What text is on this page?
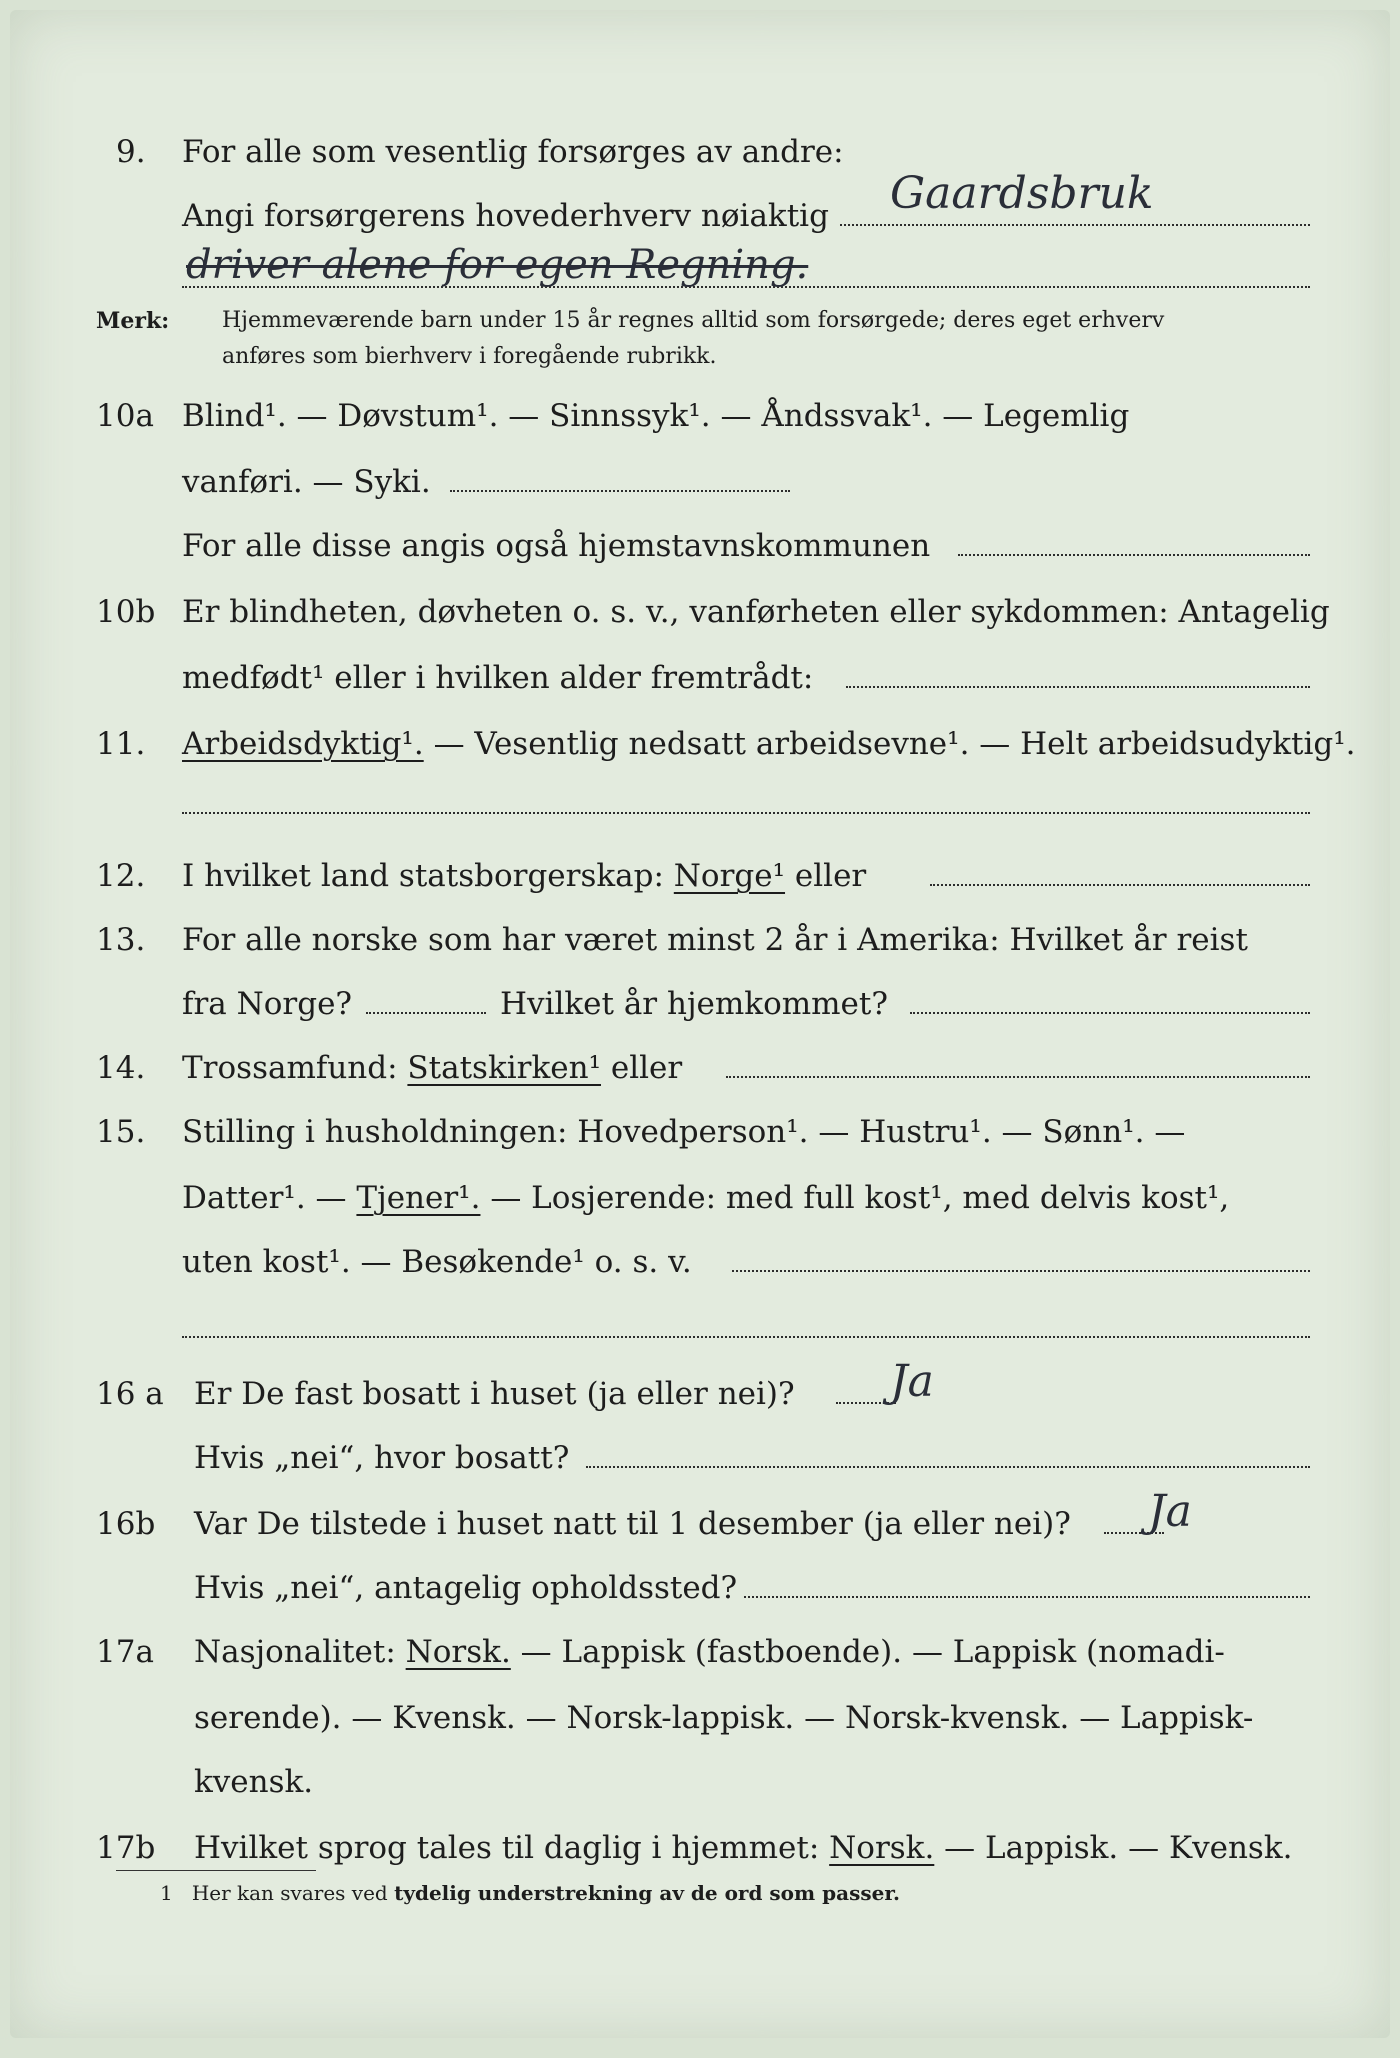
9. For alle som vesentlig forsørges av andre:
Angi forsørgerens hovederhverv nøiaktig Gaardsbruk
driver alene for egen Regning.
Merk: Hjemmeværende barn under 15 år regnes alltid som forsørgede; deres eget erhverv
anføres som bierhverv i foregående rubrikk.
10a Blind¹. — Døvstum¹. — Sinnssyk¹. — Åndssvak¹. — Legemlig
vanføri. — Syki.
For alle disse angis også hjemstavnskommunen
10b Er blindheten, døvheten o. s. v., vanførheten eller sykdommen: Antagelig
medfødt¹ eller i hvilken alder fremtrådt:
11. Arbeidsdyktig¹. — Vesentlig nedsatt arbeidsevne¹. — Helt arbeidsudyktig¹.
12. I hvilket land statsborgerskap: Norge¹ eller
13. For alle norske som har været minst 2 år i Amerika: Hvilket år reist
fra Norge?	Hvilket år hjemkommet?
14. Trossamfund: Statskirken¹ eller
15. Stilling i husholdningen: Hovedperson¹. — Hustru¹. — Sønn¹. —
Datter¹. — Tjener¹. — Losjerende: med full kost¹, med delvis kost¹,
uten kost¹. — Besøkende¹ o. s. v.
16 a Er De fast bosatt i huset (ja eller nei)? Ja
Hvis „nei“, hvor bosatt?
16b Var De tilstede i huset natt til 1 desember (ja eller nei)? Ja
Hvis „nei“, antagelig opholdssted?
17a Nasjonalitet: Norsk. — Lappisk (fastboende). — Lappisk (nomadi-
serende). — Kvensk. — Norsk-lappisk. — Norsk-kvensk. — Lappisk-
kvensk.
17b Hvilket sprog tales til daglig i hjemmet: Norsk. — Lappisk. — Kvensk.
1 Her kan svares ved tydelig understrekning av de ord som passer.
